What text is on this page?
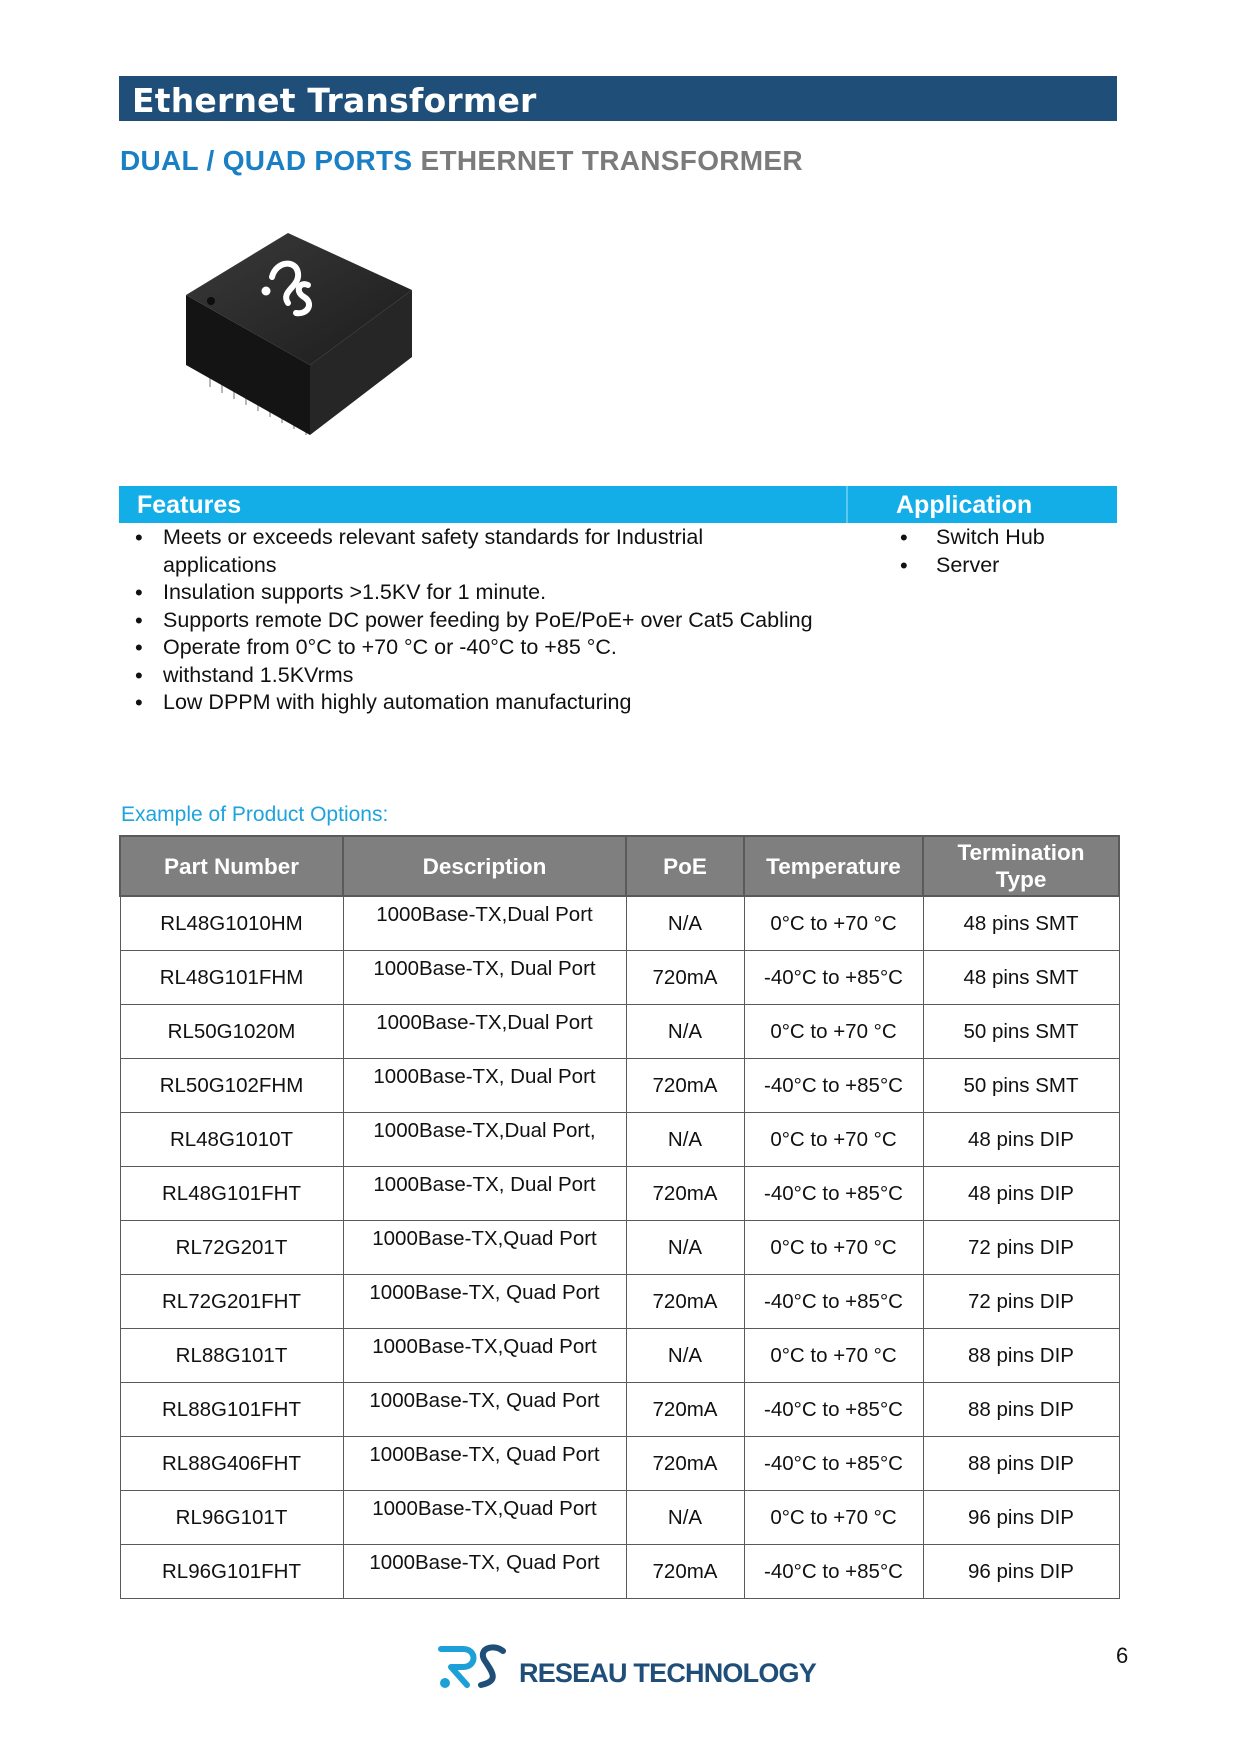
Ethernet Transformer
DUAL / QUAD PORTS ETHERNET TRANSFORMER
Features	Application
• Meets or exceeds relevant safety standards for Industrial applications
• Insulation supports >1.5KV for 1 minute.
• Supports remote DC power feeding by PoE/PoE+ over Cat5 Cabling
• Operate from 0°C to +70 °C or -40°C to +85 °C.
• withstand 1.5KVrms
• Low DPPM with highly automation manufacturing
• Switch Hub
• Server
Example of Product Options:
Part Number	Description	PoE	Temperature	Termination Type
RL48G1010HM	1000Base-TX,Dual Port	N/A	0°C to +70 °C	48 pins SMT
RL48G101FHM	1000Base-TX, Dual Port	720mA	-40°C to +85°C	48 pins SMT
RL50G1020M	1000Base-TX,Dual Port	N/A	0°C to +70 °C	50 pins SMT
RL50G102FHM	1000Base-TX, Dual Port	720mA	-40°C to +85°C	50 pins SMT
RL48G1010T	1000Base-TX,Dual Port,	N/A	0°C to +70 °C	48 pins DIP
RL48G101FHT	1000Base-TX, Dual Port	720mA	-40°C to +85°C	48 pins DIP
RL72G201T	1000Base-TX,Quad Port	N/A	0°C to +70 °C	72 pins DIP
RL72G201FHT	1000Base-TX, Quad Port	720mA	-40°C to +85°C	72 pins DIP
RL88G101T	1000Base-TX,Quad Port	N/A	0°C to +70 °C	88 pins DIP
RL88G101FHT	1000Base-TX, Quad Port	720mA	-40°C to +85°C	88 pins DIP
RL88G406FHT	1000Base-TX, Quad Port	720mA	-40°C to +85°C	88 pins DIP
RL96G101T	1000Base-TX,Quad Port	N/A	0°C to +70 °C	96 pins DIP
RL96G101FHT	1000Base-TX, Quad Port	720mA	-40°C to +85°C	96 pins DIP
RESEAU TECHNOLOGY
6
